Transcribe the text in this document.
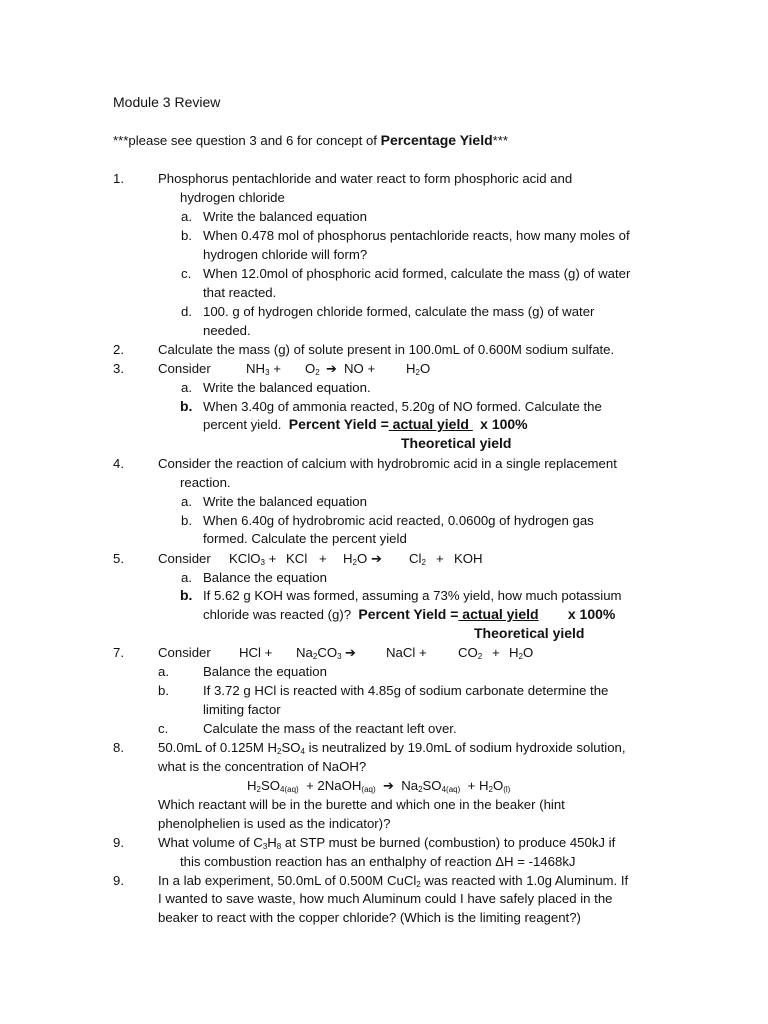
Module 3 Review
***please see question 3 and 6 for concept of Percentage Yield***
1.	Phosphorus pentachloride and water react to form phosphoric acid and
hydrogen chloride
a. Write the balanced equation
b. When 0.478 mol of phosphorus pentachloride reacts, how many moles of
hydrogen chloride will form?
c. When 12.0mol of phosphoric acid formed, calculate the mass (g) of water
that reacted.
d. 100. g of hydrogen chloride formed, calculate the mass (g) of water
needed.
2.	Calculate the mass (g) of solute present in 100.0mL of 0.600M sodium sulfate.
3.	Consider	$NH_3 + O_2$ ➔ NO + $H_2O$
a. Write the balanced equation.
b. When 3.40g of ammonia reacted, 5.20g of NO formed. Calculate the
percent yield. Percent Yield = actual yield   x 100%
Theoretical yield
4.	Consider the reaction of calcium with hydrobromic acid in a single replacement
reaction.
a. Write the balanced equation
b. When 6.40g of hydrobromic acid reacted, 0.0600g of hydrogen gas
formed. Calculate the percent yield
5.	Consider KClO$_3$ + KCl + $H_2O$ ➔ $Cl_2$ + KOH
a. Balance the equation
b. If 5.62 g KOH was formed, assuming a 73% yield, how much potassium
chloride was reacted (g)? Percent Yield = actual yield x 100%
Theoretical yield
7.	Consider HCl + $Na_2CO_3$ ➔ NaCl + $CO_2 + H_2O$
a.	Balance the equation
b.	If 3.72 g HCl is reacted with 4.85g of sodium carbonate determine the
limiting factor
c.	Calculate the mass of the reactant left over.
8.	50.0mL of 0.125M $H_2SO_4$ is neutralized by 19.0mL of sodium hydroxide solution,
what is the concentration of NaOH?
$H_2SO_{4(aq)}$ + 2NaOH$_{(aq)}$ ➔ $Na_2SO_{4(aq)} + H_2O_{(l)}$
Which reactant will be in the burette and which one in the beaker (hint
phenolphelien is used as the indicator)?
9.	What volume of $C_3H_8$ at STP must be burned (combustion) to produce 450kJ if
this combustion reaction has an enthalphy of reaction ΔH = -1468kJ
9.	In a lab experiment, 50.0mL of 0.500M CuCl$_2$ was reacted with 1.0g Aluminum. If
I wanted to save waste, how much Aluminum could I have safely placed in the
beaker to react with the copper chloride? (Which is the limiting reagent?)
